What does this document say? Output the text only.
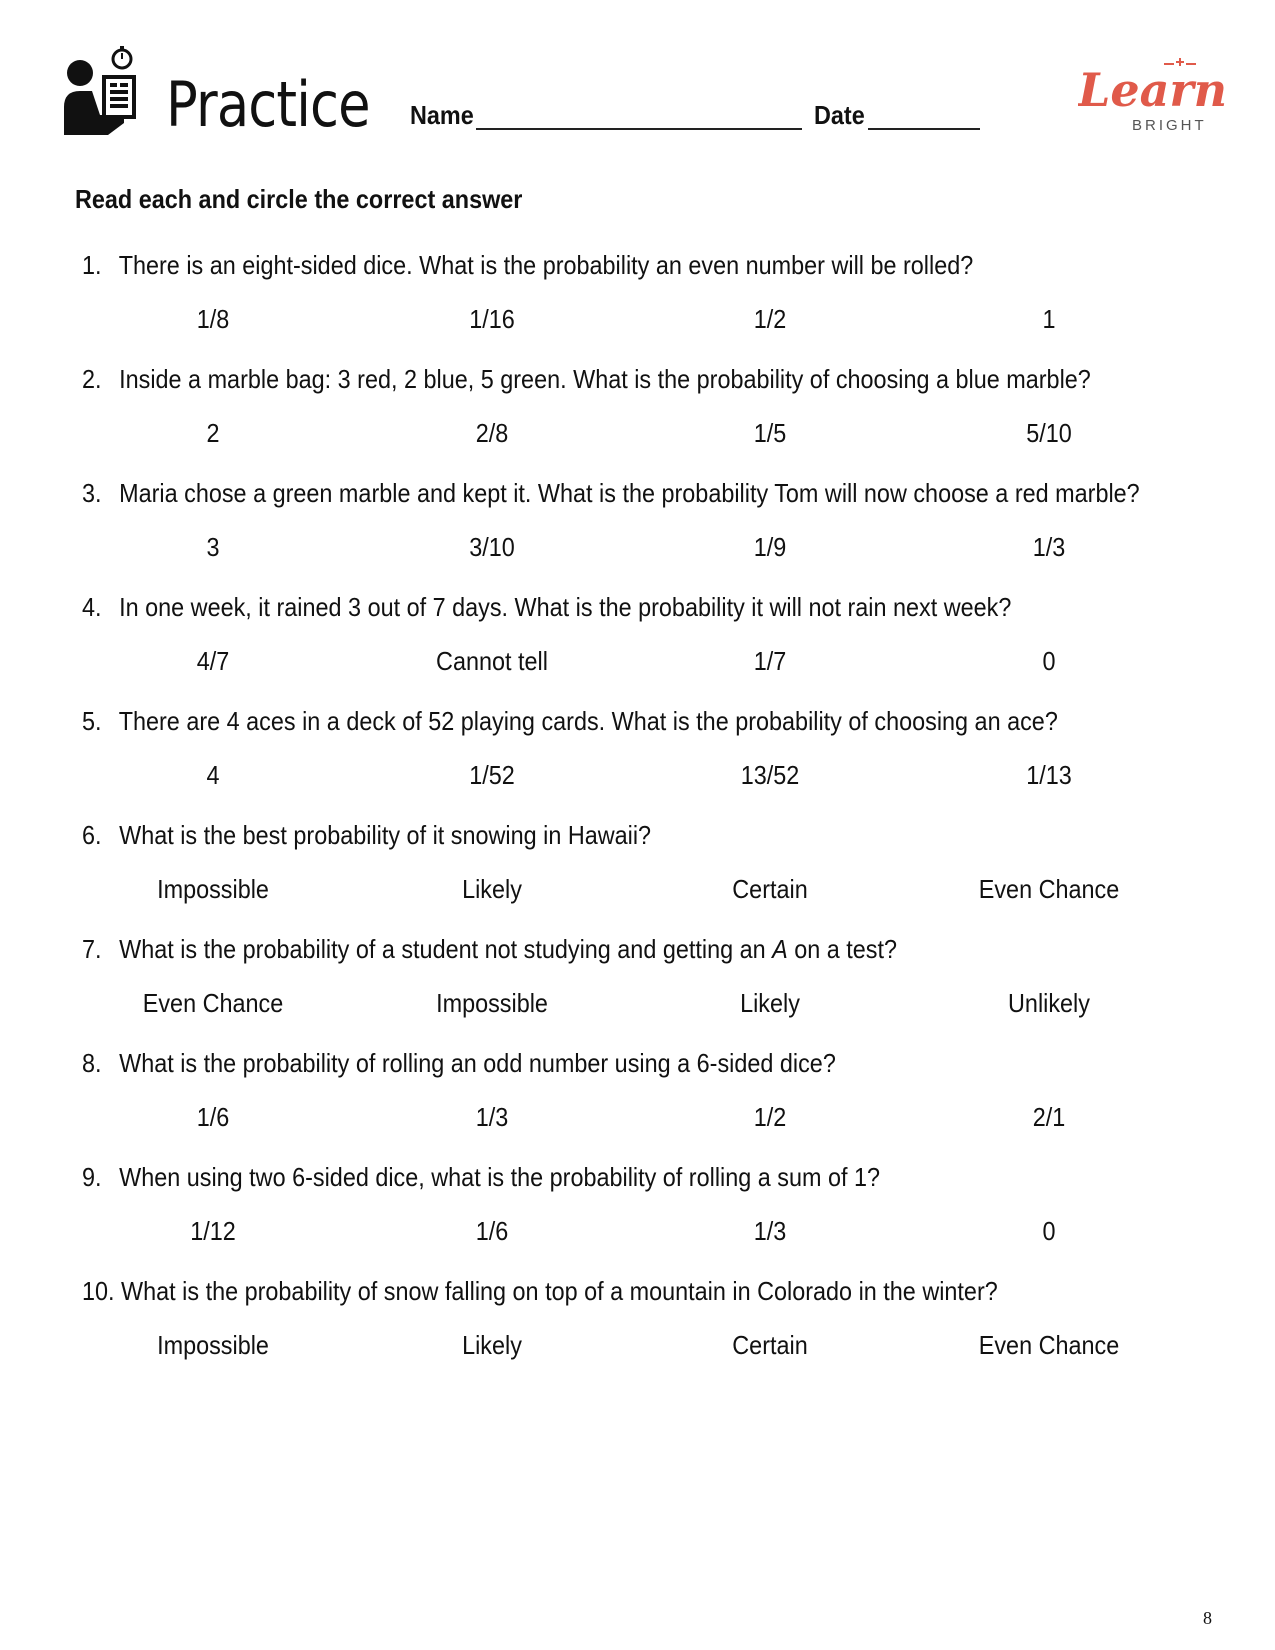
Practice Name	Date	Learn
BRIGHT
Read each and circle the correct answer
1. There is an eight-sided dice. What is the probability an even number will be rolled?
1/8	1/16	1/2	1
2. Inside a marble bag: 3 red, 2 blue, 5 green. What is the probability of choosing a blue marble?
2	2/8	1/5	5/10
3. Maria chose a green marble and kept it. What is the probability Tom will now choose a red marble?
3	3/10	1/9	1/3
4. In one week, it rained 3 out of 7 days. What is the probability it will not rain next week?
4/7	Cannot tell	1/7	0
5. There are 4 aces in a deck of 52 playing cards. What is the probability of choosing an ace?
4	1/52	13/52	1/13
6. What is the best probability of it snowing in Hawaii?
Impossible	Likely	Certain	Even Chance
7. What is the probability of a student not studying and getting an A on a test?
Even Chance	Impossible	Likely	Unlikely
8. What is the probability of rolling an odd number using a 6-sided dice?
1/6	1/3	1/2	2/1
9. When using two 6-sided dice, what is the probability of rolling a sum of 1?
1/12	1/6	1/3	0
10. What is the probability of snow falling on top of a mountain in Colorado in the winter?
Impossible	Likely	Certain	Even Chance
8
